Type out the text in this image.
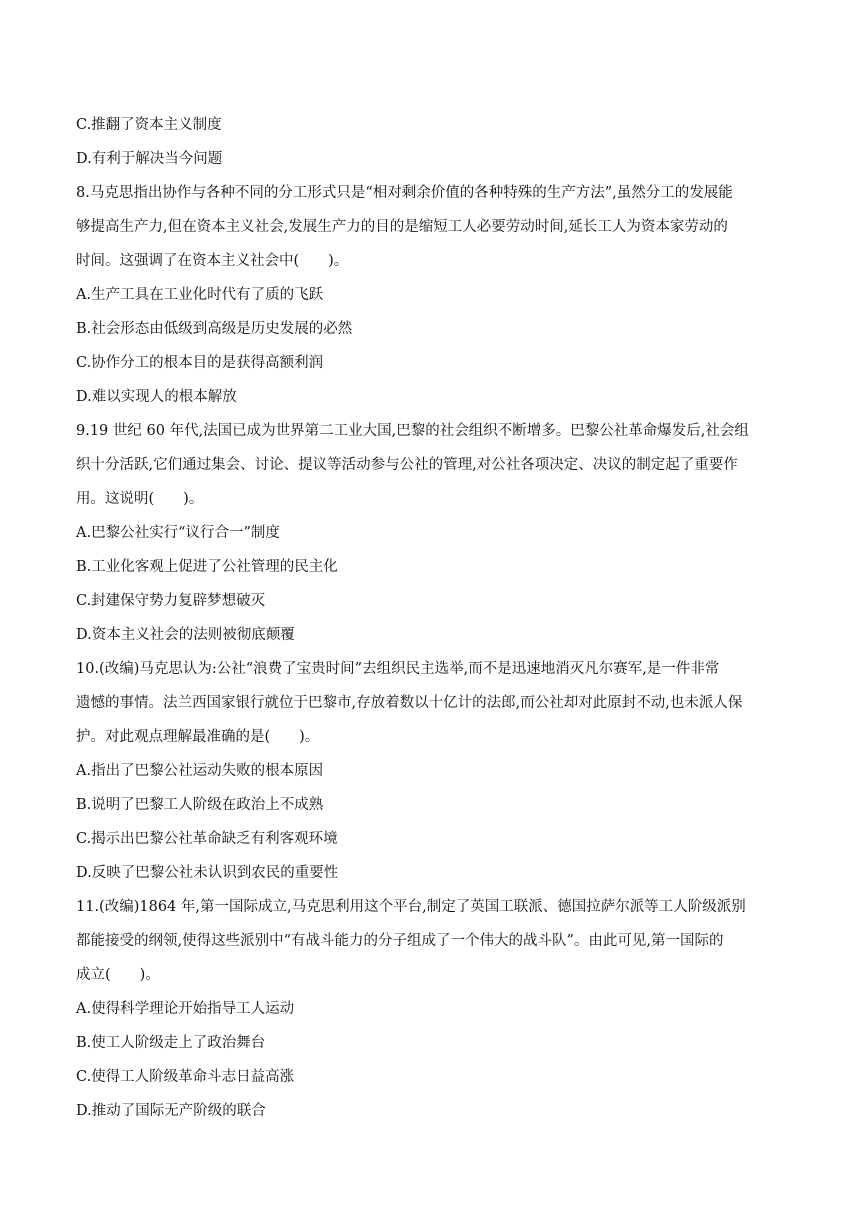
C.推翻了资本主义制度

D.有利于解决当今问题

8.马克思指出协作与各种不同的分工形式只是“相对剩余价值的各种特殊的生产方法”,虽然分工的发展能

够提高生产力,但在资本主义社会,发展生产力的目的是缩短工人必要劳动时间,延长工人为资本家劳动的

时间。这强调了在资本主义社会中(　　)。

A.生产工具在工业化时代有了质的飞跃

B.社会形态由低级到高级是历史发展的必然

C.协作分工的根本目的是获得高额利润

D.难以实现人的根本解放

9.19 世纪 60 年代,法国已成为世界第二工业大国,巴黎的社会组织不断增多。巴黎公社革命爆发后,社会组

织十分活跃,它们通过集会、讨论、提议等活动参与公社的管理,对公社各项决定、决议的制定起了重要作

用。这说明(　　)。

A.巴黎公社实行“议行合一”制度

B.工业化客观上促进了公社管理的民主化

C.封建保守势力复辟梦想破灭

D.资本主义社会的法则被彻底颠覆

10.(改编)马克思认为:公社“浪费了宝贵时间”去组织民主选举,而不是迅速地消灭凡尔赛军,是一件非常

遗憾的事情。法兰西国家银行就位于巴黎市,存放着数以十亿计的法郎,而公社却对此原封不动,也未派人保

护。对此观点理解最准确的是(　　)。

A.指出了巴黎公社运动失败的根本原因

B.说明了巴黎工人阶级在政治上不成熟

C.揭示出巴黎公社革命缺乏有利客观环境

D.反映了巴黎公社未认识到农民的重要性

11.(改编)1864 年,第一国际成立,马克思利用这个平台,制定了英国工联派、德国拉萨尔派等工人阶级派别

都能接受的纲领,使得这些派别中“有战斗能力的分子组成了一个伟大的战斗队”。由此可见,第一国际的

成立(　　)。

A.使得科学理论开始指导工人运动

B.使工人阶级走上了政治舞台

C.使得工人阶级革命斗志日益高涨

D.推动了国际无产阶级的联合
